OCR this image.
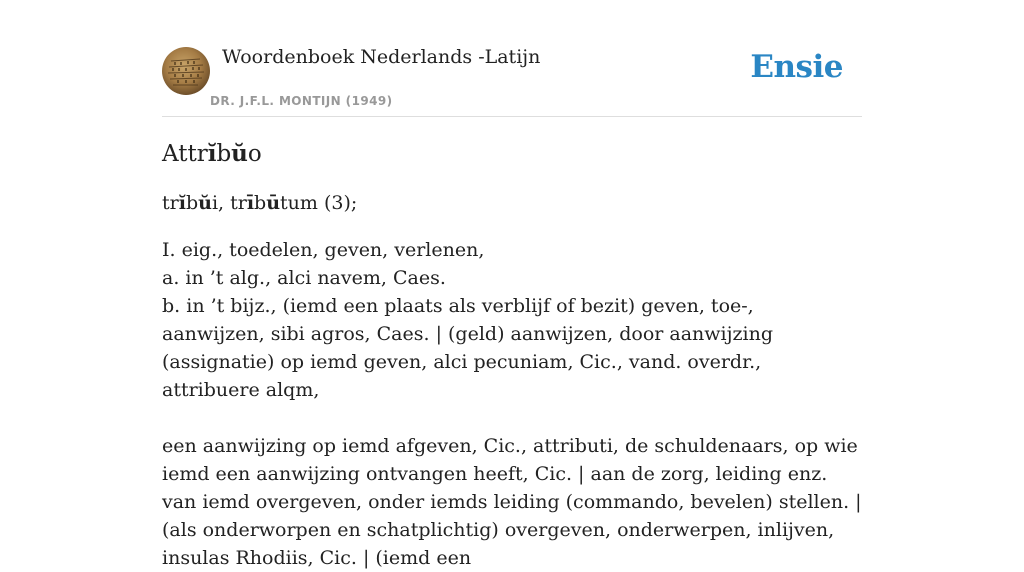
Woordenboek Nederlands -Latijn
DR. J.F.L. MONTIJN (1949)
Ensie
Attrĭbŭo
trĭbŭi, trībūtum (3);

I. eig., toedelen, geven, verlenen,

a. in ’t alg., alci navem, Caes.

b. in ’t bijz., (iemd een plaats als verblijf of bezit) geven, toe-, aanwijzen, sibi agros, Caes. | (geld) aanwijzen, door aanwijzing (assignatie) op iemd geven, alci pecuniam, Cic., vand. overdr., attribuere alqm,

een aanwijzing op iemd afgeven, Cic., attributi, de schuldenaars, op wie iemd een aanwijzing ontvangen heeft, Cic. | aan de zorg, leiding enz. van iemd overgeven, onder iemds leiding (commando, bevelen) stellen. | (als onderworpen en schatplichtig) overgeven, onderwerpen, inlijven, insulas Rhodiis, Cic. | (iemd een
